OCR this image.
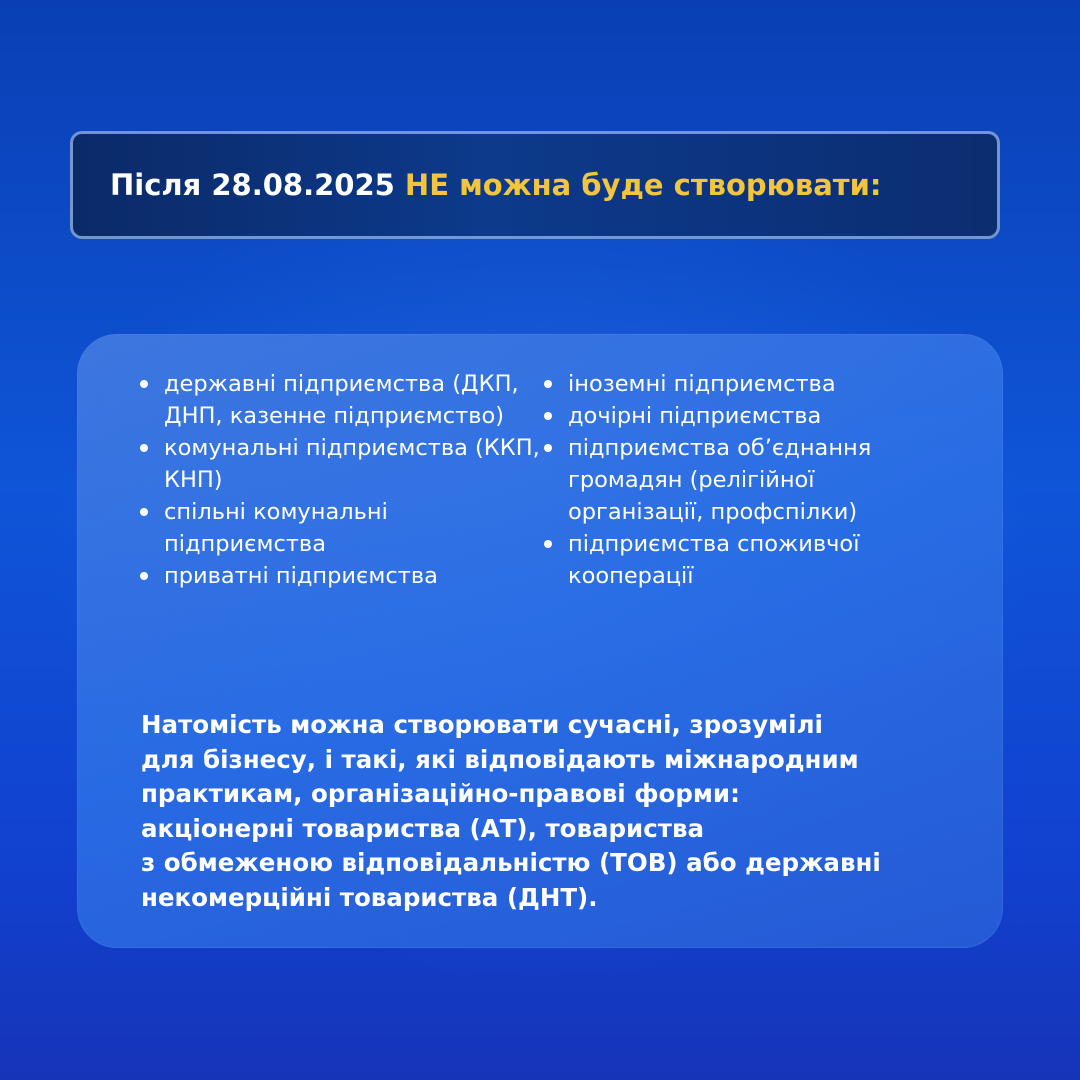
Після 28.08.2025 НЕ можна буде створювати:
державні підприємства (ДКП, ДНП, казенне підприємство)
комунальні підприємства (ККП, КНП)
спільні комунальні підприємства
приватні підприємства
іноземні підприємства
дочірні підприємства
підприємства об’єднання громадян (релігійної організації, профспілки)
підприємства споживчої кооперації

Натомість можна створювати сучасні, зрозумілі
для бізнесу, і такі, які відповідають міжнародним
практикам, організаційно-правові форми:
акціонерні товариства (АТ), товариства
з обмеженою відповідальністю (ТОВ) або державні
некомерційні товариства (ДНТ).
